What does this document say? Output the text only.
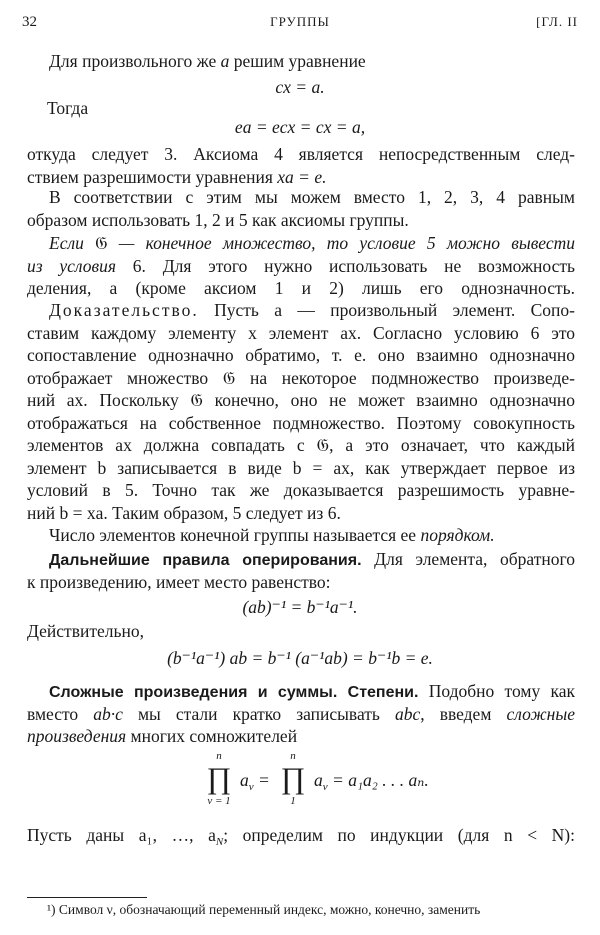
32	ГРУППЫ	[ГЛ. II
Для произвольного же a решим уравнение
cx = a.
Тогда
ea = ecx = cx = a,
откуда следует 3. Аксиома 4 является непосредственным след-
ствием разрешимости уравнения xa = e.
В соответствии с этим мы можем вместо 1, 2, 3, 4 равным
образом использовать 1, 2 и 5 как аксиомы группы.
Если 𝔊 — конечное множество, то условие 5 можно вывести
из условия 6. Для этого нужно использовать не возможность
деления, а (кроме аксиом 1 и 2) лишь его однозначность.
Доказательство. Пусть a — произвольный элемент. Сопо-
ставим каждому элементу x элемент ax. Согласно условию 6 это
сопоставление однозначно обратимо, т. е. оно взаимно однозначно
отображает множество 𝔊 на некоторое подмножество произведе-
ний ax. Поскольку 𝔊 конечно, оно не может взаимно однозначно
отображаться на собственное подмножество. Поэтому совокупность
элементов ax должна совпадать с 𝔊, а это означает, что каждый
элемент b записывается в виде b = ax, как утверждает первое из
условий в 5. Точно так же доказывается разрешимость уравне-
ний b = xa. Таким образом, 5 следует из 6.
Число элементов конечной группы называется ее порядком.
Дальнейшие правила оперирования. Для элемента, обратного
к произведению, имеет место равенство:
(ab)⁻¹ = b⁻¹a⁻¹.
Действительно,
(b⁻¹a⁻¹) ab = b⁻¹ (a⁻¹ab) = b⁻¹b = e.
Сложные произведения и суммы. Степени. Подобно тому как
вместо ab·c мы стали кратко записывать abc, введем сложные
произведения многих сомножителей
n
∏
ν = 1
$a_\nu$ =
n
∏
1
$a_\nu = a_1a_2$ . . . aₙ.
Пусть даны a₁, …, $a_N$; определим по индукции (для n < N):
¹) Символ ν, обозначающий переменный индекс, можно, конечно, заменить
